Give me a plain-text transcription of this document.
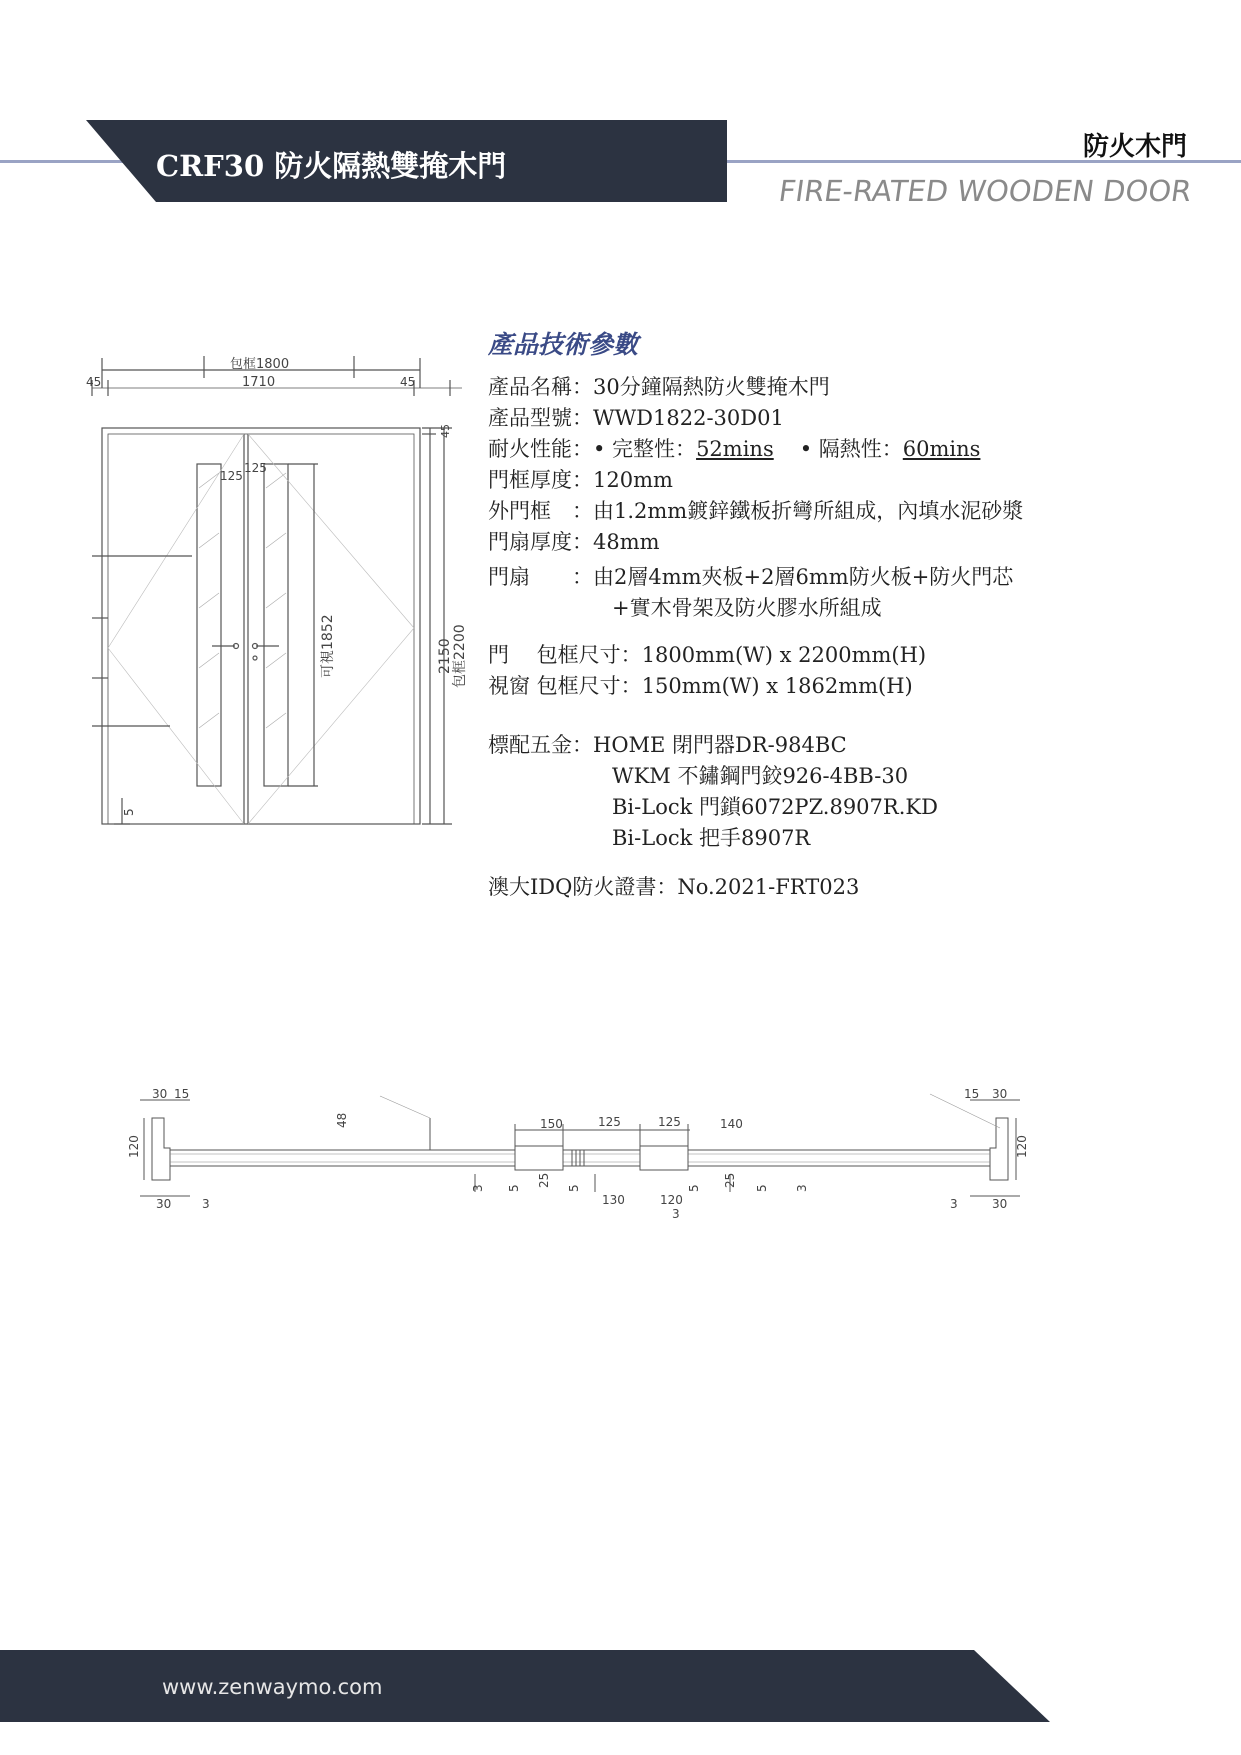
CRF30 防火隔熱雙掩木門
防火木門
FIRE-RATED WOODEN DOOR
包框1800
45	1710	45
45
125
125
可視1852	2150 包框2200
5
產品技術參數
產品名稱： 30分鐘隔熱防火雙掩木門
產品型號： WWD1822-30D01
耐火性能： • 完整性： 52mins • 隔熱性： 60mins
門框厚度： 120mm
外門框　： 由1.2mm鍍鋅鐵板折彎所組成，內填水泥砂漿
門扇厚度： 48mm
門扇　　： 由2層4mm夾板+2層6mm防火板+防火門芯
+實木骨架及防火膠水所組成
門　 包框尺寸： 1800mm(W) x 2200mm(H)
視窗 包框尺寸： 150mm(W) x 1862mm(H)
標配五金： HOME 閉門器DR-984BC
WKM 不鏽鋼門鉸926-4BB-30
Bi-Lock 門鎖6072PZ.8907R.KD
Bi-Lock 把手8907R
澳大IDQ防火證書： No.2021-FRT023
30 15
120
48	150	125	125	140
15 30
120
30	3
3 5
25
5
130	120
5
3
25
5 3
3	30
www.zenwaymo.com
